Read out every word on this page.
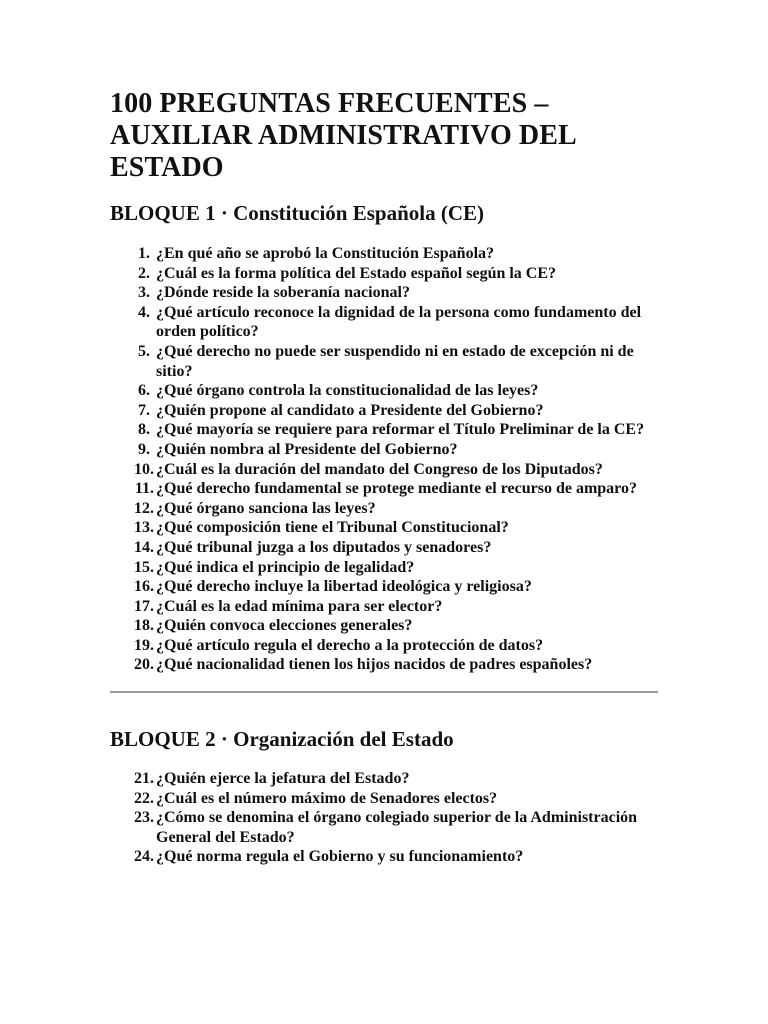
100 PREGUNTAS FRECUENTES – AUXILIAR ADMINISTRATIVO DEL ESTADO
BLOQUE 1 · Constitución Española (CE)
1. ¿En qué año se aprobó la Constitución Española?
2. ¿Cuál es la forma política del Estado español según la CE?
3. ¿Dónde reside la soberanía nacional?
4. ¿Qué artículo reconoce la dignidad de la persona como fundamento del orden político?
5. ¿Qué derecho no puede ser suspendido ni en estado de excepción ni de sitio?
6. ¿Qué órgano controla la constitucionalidad de las leyes?
7. ¿Quién propone al candidato a Presidente del Gobierno?
8. ¿Qué mayoría se requiere para reformar el Título Preliminar de la CE?
9. ¿Quién nombra al Presidente del Gobierno?
10. ¿Cuál es la duración del mandato del Congreso de los Diputados?
11. ¿Qué derecho fundamental se protege mediante el recurso de amparo?
12. ¿Qué órgano sanciona las leyes?
13. ¿Qué composición tiene el Tribunal Constitucional?
14. ¿Qué tribunal juzga a los diputados y senadores?
15. ¿Qué indica el principio de legalidad?
16. ¿Qué derecho incluye la libertad ideológica y religiosa?
17. ¿Cuál es la edad mínima para ser elector?
18. ¿Quién convoca elecciones generales?
19. ¿Qué artículo regula el derecho a la protección de datos?
20. ¿Qué nacionalidad tienen los hijos nacidos de padres españoles?
BLOQUE 2 · Organización del Estado
21. ¿Quién ejerce la jefatura del Estado?
22. ¿Cuál es el número máximo de Senadores electos?
23. ¿Cómo se denomina el órgano colegiado superior de la Administración General del Estado?
24. ¿Qué norma regula el Gobierno y su funcionamiento?
